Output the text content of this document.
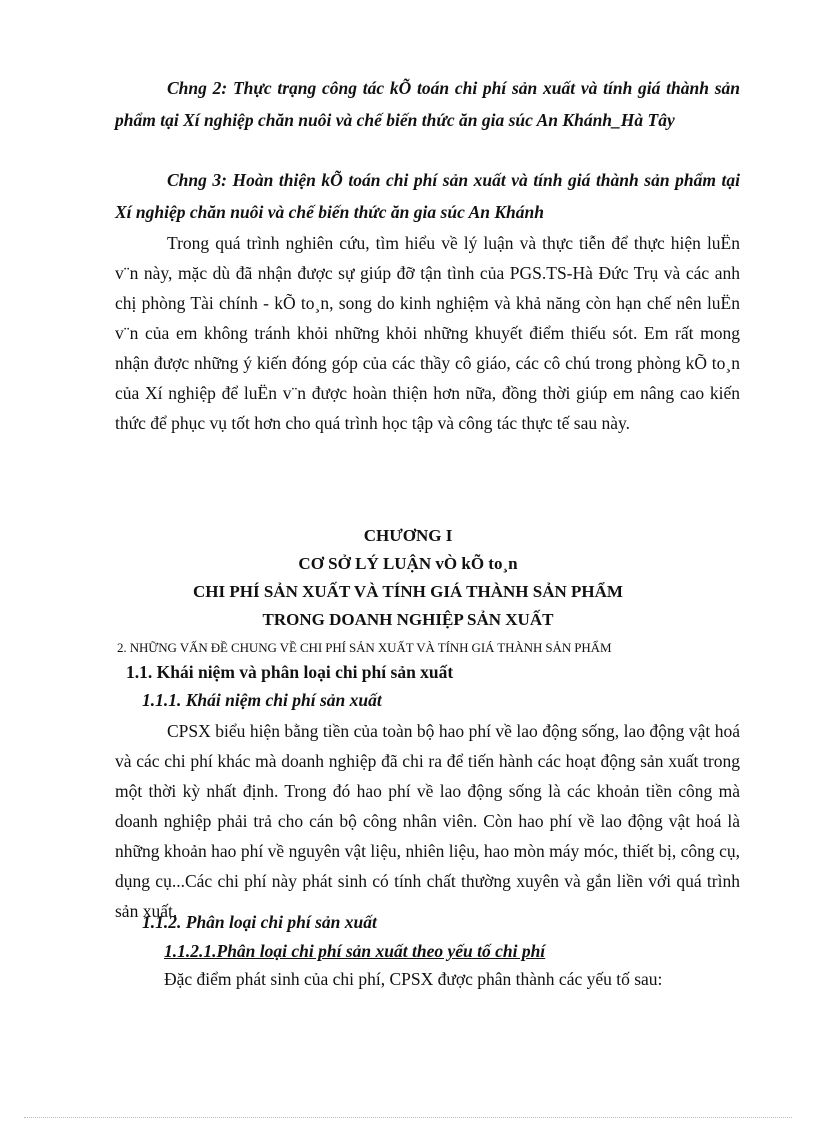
Chng 2: Thực trạng công tác kÕ toán chi phí sản xuất và tính giá thành sản phẩm tại Xí nghiệp chăn nuôi và chế biến thức ăn gia súc An Khánh_Hà Tây

Chng 3: Hoàn thiện kÕ toán chi phí sản xuất và tính giá thành sản phẩm tại Xí nghiệp chăn nuôi và chế biến thức ăn gia súc An Khánh

Trong quá trình nghiên cứu, tìm hiểu về lý luận và thực tiễn để thực hiện luËn v¨n này, mặc dù đã nhận được sự giúp đỡ tận tình của PGS.TS-Hà Đức Trụ và các anh chị phòng Tài chính - kÕ to¸n, song do kinh nghiệm và khả năng còn hạn chế nên luËn v¨n của em không tránh khỏi những khỏi những khuyết điểm thiếu sót. Em rất mong nhận được những ý kiến đóng góp của các thầy cô giáo, các cô chú trong phòng kÕ to¸n của Xí nghiệp để luËn v¨n được hoàn thiện hơn nữa, đồng thời giúp em nâng cao kiến thức để phục vụ tốt hơn cho quá trình học tập và công tác thực tế sau này.

CHƯƠNG I

CƠ SỞ LÝ LUẬN vÒ kÕ to¸n

CHI PHÍ SẢN XUẤT VÀ TÍNH GIÁ THÀNH SẢN PHẨM

TRONG DOANH NGHIỆP SẢN XUẤT

2. NHỮNG VẤN ĐỀ CHUNG VỀ CHI PHÍ SẢN XUẤT VÀ TÍNH GIÁ THÀNH SẢN PHẨM

1.1. Khái niệm và phân loại chi phí sản xuất

1.1.1. Khái niệm chi phí sản xuất

CPSX biểu hiện bằng tiền của toàn bộ hao phí về lao động sống, lao động vật hoá và các chi phí khác mà doanh nghiệp đã chi ra để tiến hành các hoạt động sản xuất trong một thời kỳ nhất định. Trong đó hao phí về lao động sống là các khoản tiền công mà doanh nghiệp phải trả cho cán bộ công nhân viên. Còn hao phí về lao động vật hoá là những khoản hao phí về nguyên vật liệu, nhiên liệu, hao mòn máy móc, thiết bị, công cụ, dụng cụ...Các chi phí này phát sinh có tính chất thường xuyên và gắn liền với quá trình sản xuất.

1.1.2. Phân loại chi phí sản xuất

1.1.2.1.Phân loại chi phí sản xuất theo yếu tố chi phí

Đặc điểm phát sinh của chi phí, CPSX được phân thành các yếu tố sau:
